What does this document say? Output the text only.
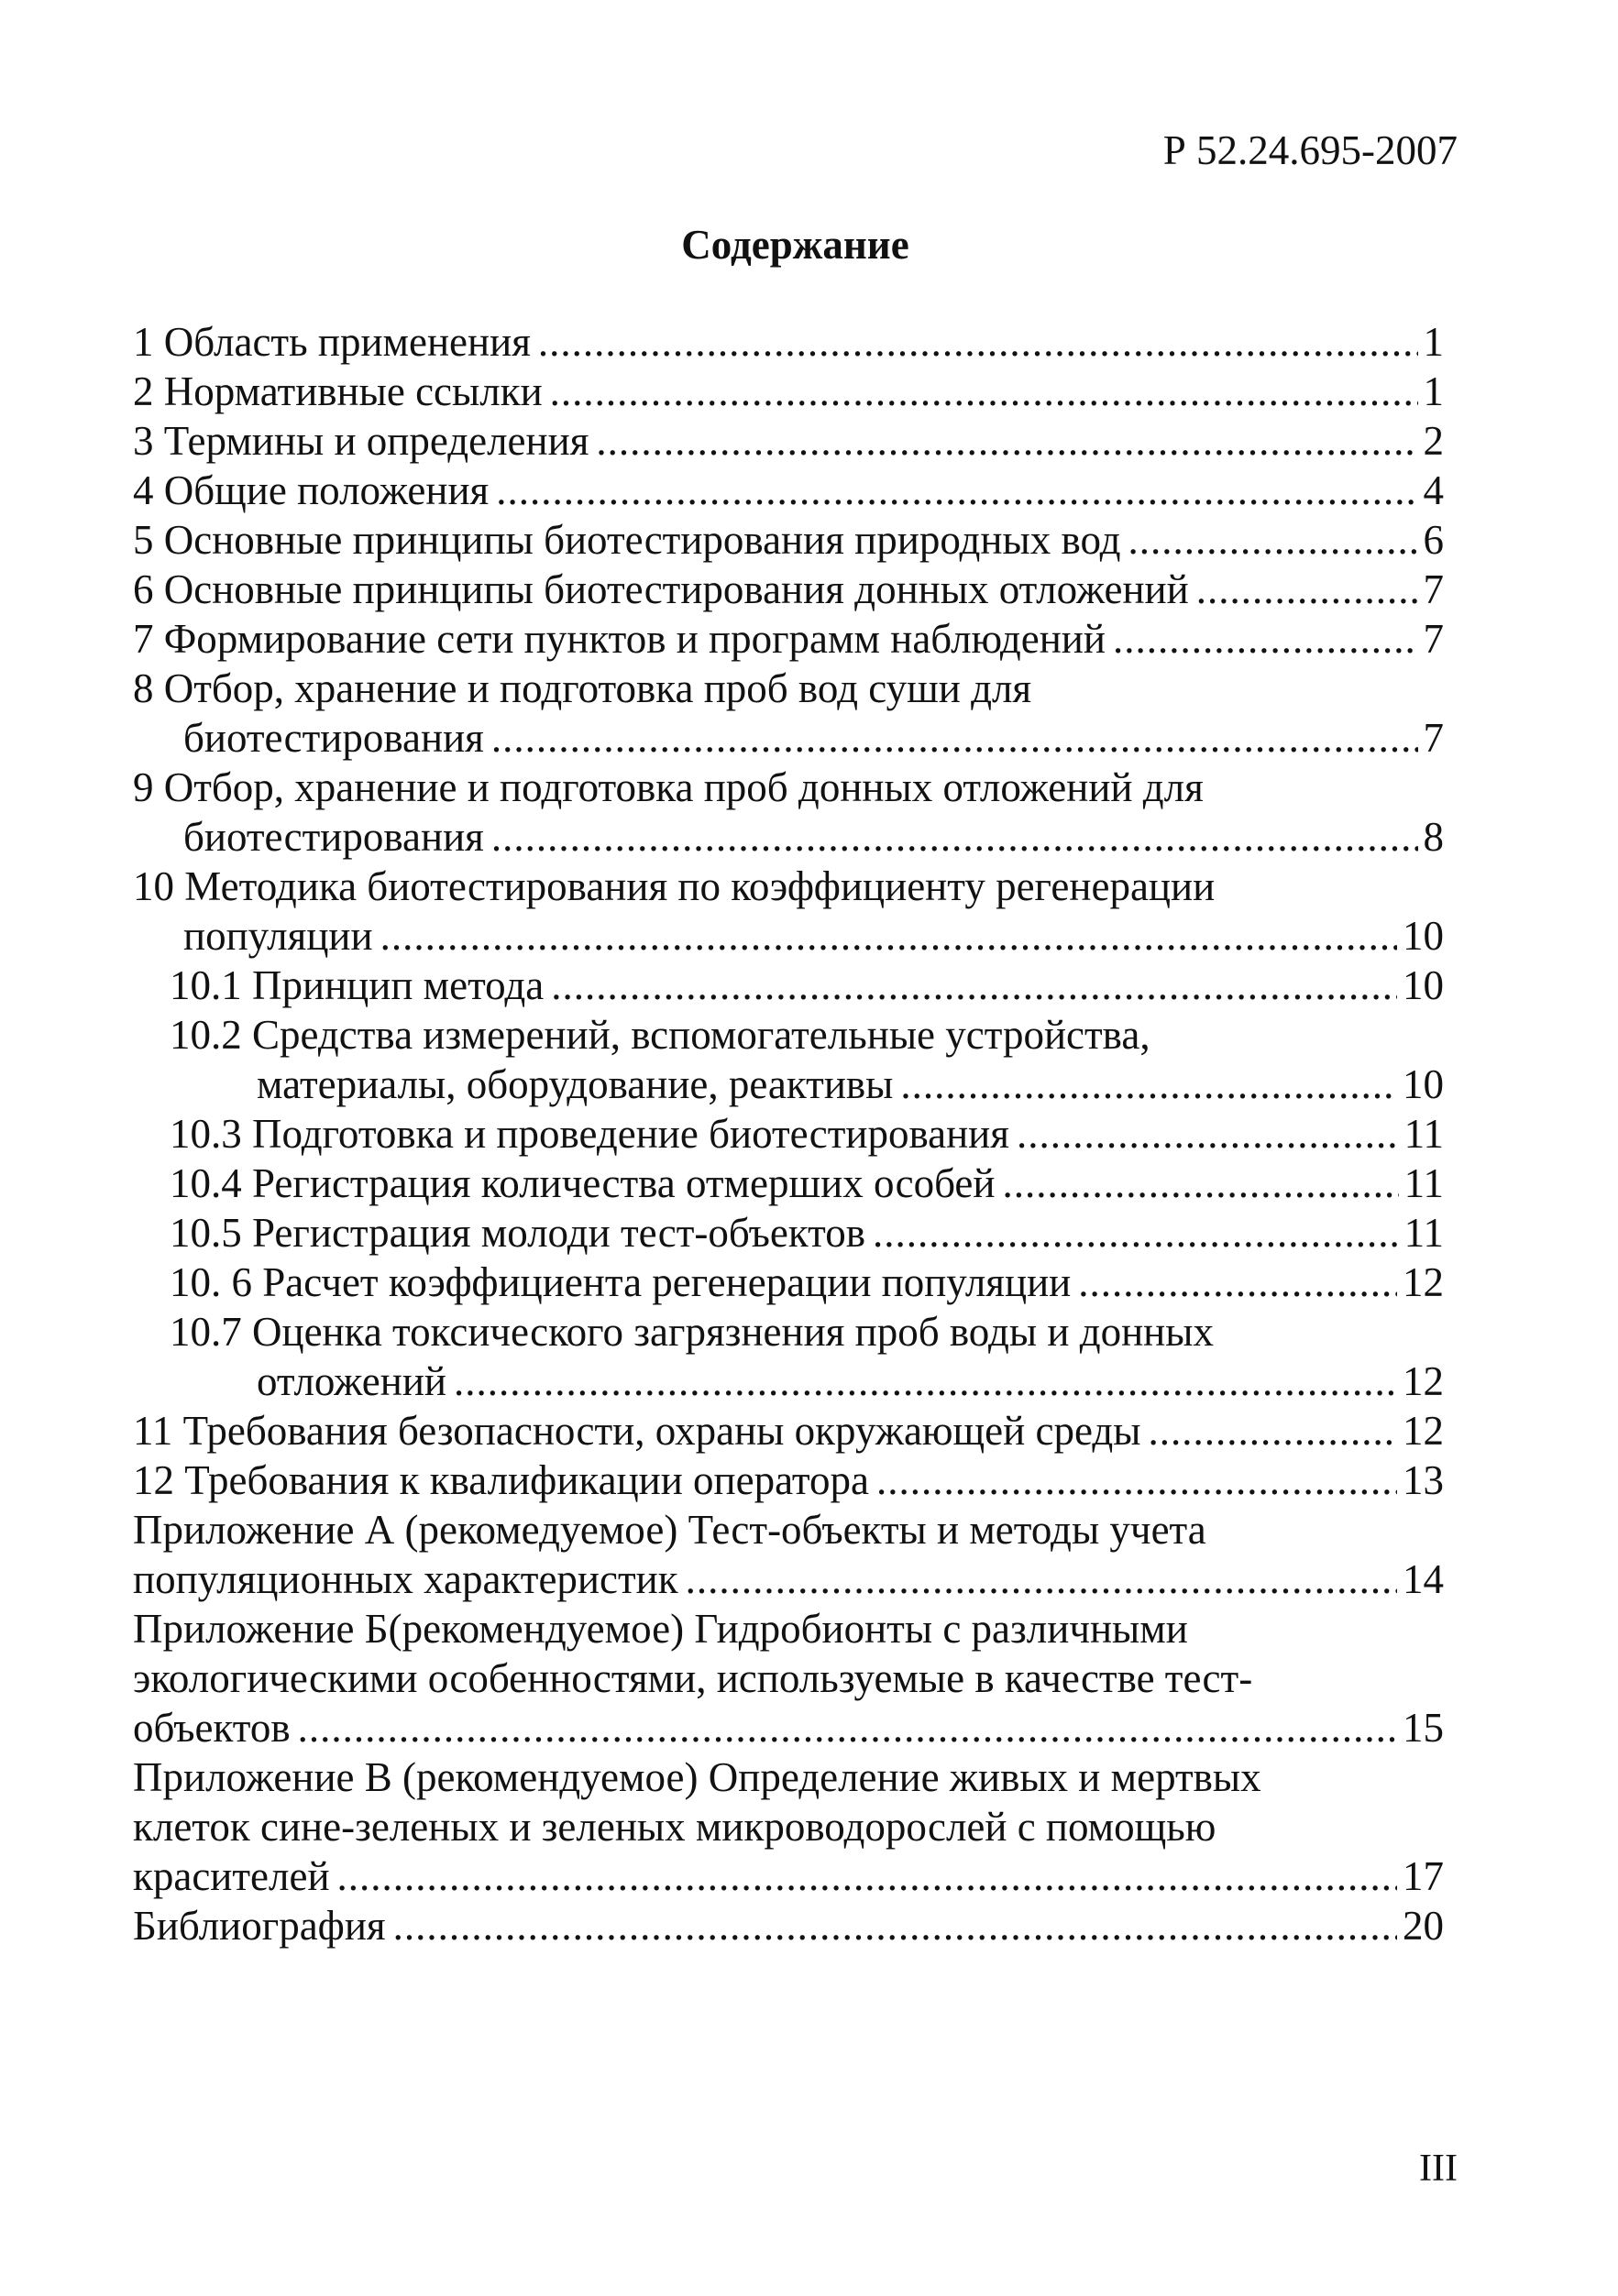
Р 52.24.695-2007
Содержание
1 Область применения .....	1
2 Нормативные ссылки .....	1
3 Термины и определения .....	2
4 Общие положения .....	4
5 Основные принципы биотестирования природных вод .....	6
6 Основные принципы биотестирования донных отложений .....	7
7 Формирование сети пунктов и программ наблюдений .....	7
8 Отбор, хранение и подготовка проб вод суши для
биотестирования .....	7
9 Отбор, хранение и подготовка проб донных отложений для
биотестирования .....	8
10 Методика биотестирования по коэффициенту регенерации
популяции .....	10
10.1 Принцип метода .....	10
10.2 Средства измерений, вспомогательные устройства,
материалы, оборудование, реактивы .....	10
10.3 Подготовка и проведение биотестирования .....	11
10.4 Регистрация количества отмерших особей .....	11
10.5 Регистрация молоди тест-объектов .....	11
10. 6 Расчет коэффициента регенерации популяции .....	12
10.7 Оценка токсического загрязнения проб воды и донных
отложений .....	12
11 Требования безопасности, охраны окружающей среды .....	12
12 Требования к квалификации оператора .....	13
Приложение А (рекомедуемое) Тест-объекты и методы учета
популяционных характеристик .....	14
Приложение Б(рекомендуемое) Гидробионты с различными
экологическими особенностями, используемые в качестве тест-
объектов .....	15
Приложение В (рекомендуемое) Определение живых и мертвых
клеток сине-зеленых и зеленых микроводорослей с помощью
красителей .....	17
Библиография .....	20
III
